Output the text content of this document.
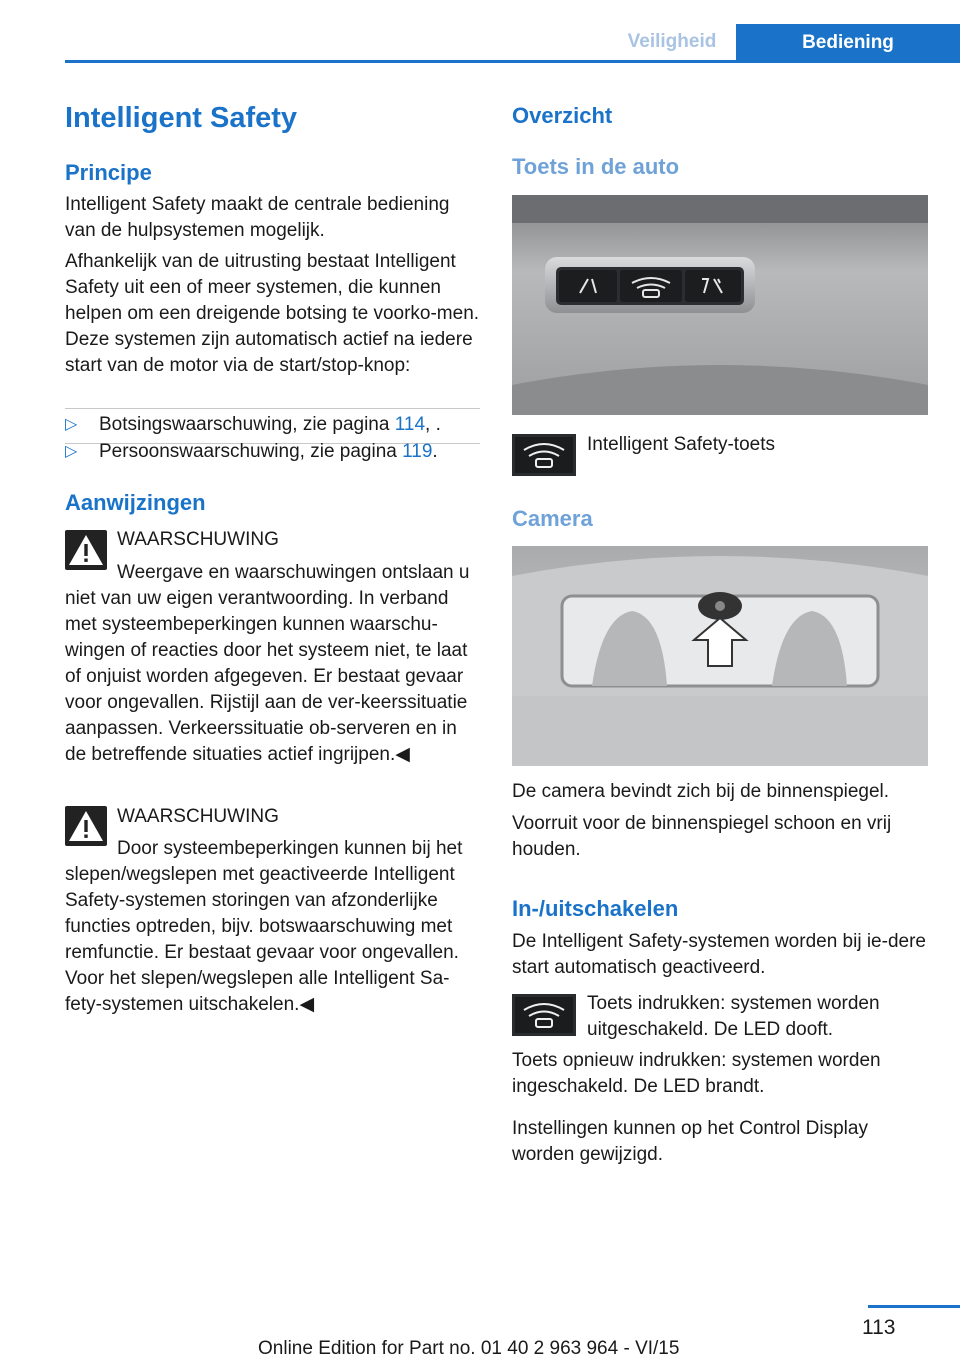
Veiligheid	Bediening
Intelligent Safety
Principe

Intelligent Safety maakt de centrale bediening van de hulpsystemen mogelijk.

Afhankelijk van de uitrusting bestaat Intelligent Safety uit een of meer systemen, die kunnen helpen om een dreigende botsing te voorko‐men. Deze systemen zijn automatisch actief na iedere start van de motor via de start/stop-knop:

▷ Botsingswaarschuwing, zie pagina 114, .
▷ Persoonswaarschuwing, zie pagina 119.
Aanwijzingen
WAARSCHUWING
Weergave en waarschuwingen ontslaan u niet van uw eigen verantwoording. In verband met systeembeperkingen kunnen waarschu‐wingen of reacties door het systeem niet, te laat of onjuist worden afgegeven. Er bestaat gevaar voor ongevallen. Rijstijl aan de ver‐keerssituatie aanpassen. Verkeerssituatie ob‐serveren en in de betreffende situaties actief ingrijpen.◀
WAARSCHUWING
Door systeembeperkingen kunnen bij het slepen/wegslepen met geactiveerde Intelligent Safety-systemen storingen van afzonderlijke functies optreden, bijv. botswaarschuwing met remfunctie. Er bestaat gevaar voor ongevallen. Voor het slepen/wegslepen alle Intelligent Sa‐fety-systemen uitschakelen.◀
Overzicht
Toets in de auto
Intelligent Safety-toets
Camera

De camera bevindt zich bij de binnenspiegel.

Voorruit voor de binnenspiegel schoon en vrij houden.

In-/uitschakelen

De Intelligent Safety-systemen worden bij ie‐dere start automatisch geactiveerd.

Toets indrukken: systemen worden uitgeschakeld. De LED dooft.

Toets opnieuw indrukken: systemen worden ingeschakeld. De LED brandt.

Instellingen kunnen op het Control Display worden gewijzigd.

113
Online Edition for Part no. 01 40 2 963 964 - VI/15
